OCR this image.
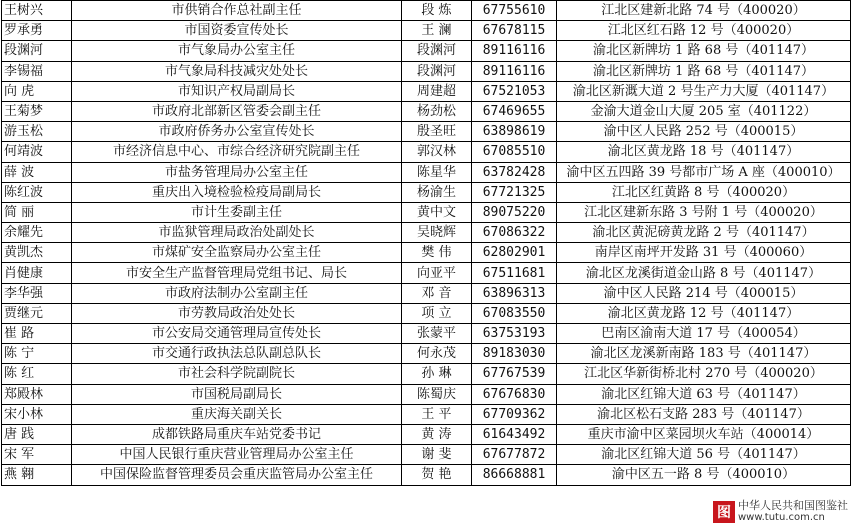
王树兴	市供销合作总社副主任	段 炼	67755610	江北区建新北路 74 号（400020）
罗承勇	市国资委宣传处长	王 澜	67678115	江北区红石路 12 号（400020）
段渊河	市气象局办公室主任	段渊河	89116116	渝北区新牌坊 1 路 68 号（401147）
李锡福	市气象局科技减灾处处长	段渊河	89116116	渝北区新牌坊 1 路 68 号（401147）
向 虎	市知识产权局副局长	周建超	67521053	渝北区新溉大道 2 号生产力大厦（401147）
王菊梦	市政府北部新区管委会副主任	杨劲松	67469655	金渝大道金山大厦 205 室（401122）
游玉松	市政府侨务办公室宣传处长	殷圣旺	63898619	渝中区人民路 252 号（400015）
何靖波	市经济信息中心、市综合经济研究院副主任	郭汉林	67085510	渝北区黄龙路 18 号（401147）
薛 波	市盐务管理局办公室主任	陈星华	63782428	渝中区五四路 39 号都市广场 A 座（400010）
陈红波	重庆出入境检验检疫局副局长	杨渝生	67721325	江北区红黄路 8 号（400020）
简 丽	市计生委副主任	黄中文	89075220	江北区建新东路 3 号附 1 号（400020）
余耀先	市监狱管理局政治处副处长	吴晓辉	67086322	渝北区黄泥磅黄龙路 2 号（401147）
黄凯杰	市煤矿安全监察局办公室主任	樊 伟	62802901	南岸区南坪开发路 31 号（400060）
肖健康	市安全生产监督管理局党组书记、局长	向亚平	67511681	渝北区龙溪街道金山路 8 号（401147）
李华强	市政府法制办公室副主任	邓 音	63896313	渝中区人民路 214 号（400015）
贾继元	市劳教局政治处处长	项 立	67083550	渝北区黄龙路 12 号（401147）
崔 路	市公安局交通管理局宣传处长	张蒙平	63753193	巴南区渝南大道 17 号（400054）
陈 宁	市交通行政执法总队副总队长	何永茂	89183030	渝北区龙溪新南路 183 号（401147）
陈 红	市社会科学院副院长	孙 琳	67767539	江北区华新街桥北村 270 号（400020）
郑殿林	市国税局副局长	陈蜀庆	67676830	渝北区红锦大道 63 号（401147）
宋小林	重庆海关副关长	王 平	67709362	渝北区松石支路 283 号（401147）
唐 践	成都铁路局重庆车站党委书记	黄 涛	61643492	重庆市渝中区菜园坝火车站（400014）
宋 军	中国人民银行重庆营业管理局办公室主任	谢 斐	67677872	渝北区红锦大道 56 号（401147）
燕 翱	中国保险监督管理委员会重庆监管局办公室主任	贺 艳	86668881	渝中区五一路 8 号（400010）
图 中华人民共和国图鉴社
www.tutu.com.cn
